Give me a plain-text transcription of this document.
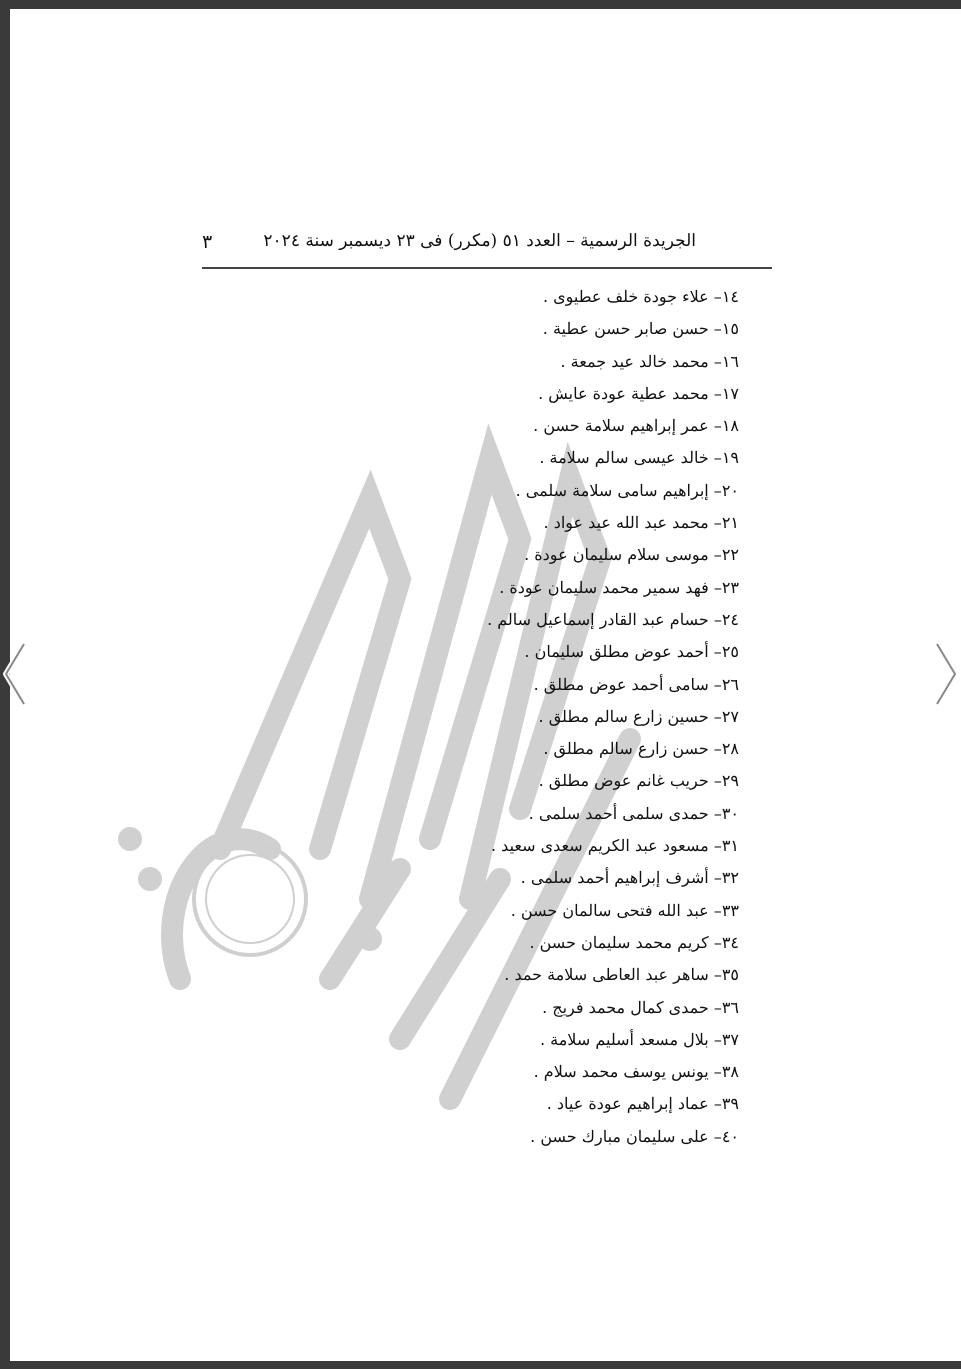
٣	الجريدة الرسمية – العدد ٥١ (مكرر) فى ٢٣ ديسمبر سنة ٢٠٢٤
١٤– علاء جودة خلف عطيوى .
١٥– حسن صابر حسن عطية .
١٦– محمد خالد عيد جمعة .
١٧– محمد عطية عودة عايش .
١٨– عمر إبراهيم سلامة حسن .
١٩– خالد عيسى سالم سلامة .
٢٠– إبراهيم سامى سلامة سلمى .
٢١– محمد عبد الله عيد عواد .
٢٢– موسى سلام سليمان عودة .
٢٣– فهد سمير محمد سليمان عودة .
٢٤– حسام عبد القادر إسماعيل سالم .
٢٥– أحمد عوض مطلق سليمان .
٢٦– سامى أحمد عوض مطلق .
٢٧– حسين زارع سالم مطلق .
٢٨– حسن زارع سالم مطلق .
٢٩– حريب غانم عوض مطلق .
٣٠– حمدى سلمى أحمد سلمى .
٣١– مسعود عبد الكريم سعدى سعيد .
٣٢– أشرف إبراهيم أحمد سلمى .
٣٣– عبد الله فتحى سالمان حسن .
٣٤– كريم محمد سليمان حسن .
٣٥– ساهر عبد العاطى سلامة حمد .
٣٦– حمدى كمال محمد فريج .
٣٧– بلال مسعد أسليم سلامة .
٣٨– يونس يوسف محمد سلام .
٣٩– عماد إبراهيم عودة عياد .
٤٠– على سليمان مبارك حسن .
